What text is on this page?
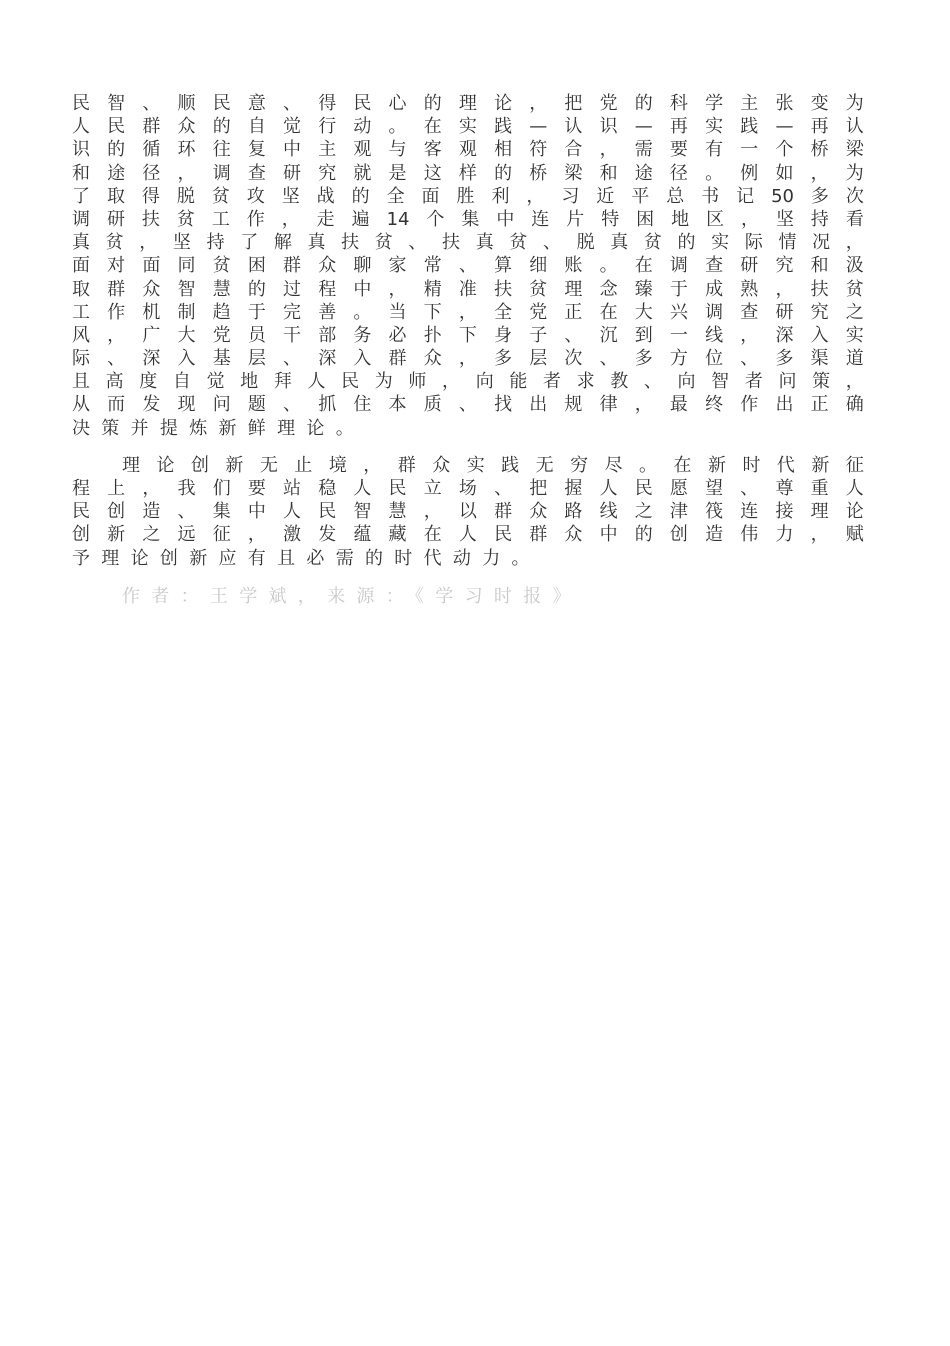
民 智 、 顺 民 意 、 得 民 心 的 理 论 ， 把 党 的 科 学 主 张 变 为
人 民 群 众 的 自 觉 行 动 。 在 实 践 — 认 识 — 再 实 践 — 再 认
识 的 循 环 往 复 中 主 观 与 客 观 相 符 合 ， 需 要 有 一 个 桥 梁
和 途 径 ， 调 查 研 究 就 是 这 样 的 桥 梁 和 途 径 。 例 如 ， 为
了 取 得 脱 贫 攻 坚 战 的 全 面 胜 利 ， 习 近 平 总 书 记 50 多 次
调 研 扶 贫 工 作 ， 走 遍 14 个 集 中 连 片 特 困 地 区 ， 坚 持 看
真 贫 ， 坚 持 了 解 真 扶 贫 、 扶 真 贫 、 脱 真 贫 的 实 际 情 况 ，
面 对 面 同 贫 困 群 众 聊 家 常 、 算 细 账 。 在 调 查 研 究 和 汲
取 群 众 智 慧 的 过 程 中 ， 精 准 扶 贫 理 念 臻 于 成 熟 ， 扶 贫
工 作 机 制 趋 于 完 善 。 当 下 ， 全 党 正 在 大 兴 调 查 研 究 之
风 ， 广 大 党 员 干 部 务 必 扑 下 身 子 、 沉 到 一 线 ， 深 入 实
际 、 深 入 基 层 、 深 入 群 众 ， 多 层 次 、 多 方 位 、 多 渠 道
且 高 度 自 觉 地 拜 人 民 为 师 ， 向 能 者 求 教 、 向 智 者 问 策 ，
从 而 发 现 问 题 、 抓 住 本 质 、 找 出 规 律 ， 最 终 作 出 正 确
决策并提炼新鲜理论。
理 论 创 新 无 止 境 ， 群 众 实 践 无 穷 尽 。 在 新 时 代 新 征
程 上 ， 我 们 要 站 稳 人 民 立 场 、 把 握 人 民 愿 望 、 尊 重 人
民 创 造 、 集 中 人 民 智 慧 ， 以 群 众 路 线 之 津 筏 连 接 理 论
创 新 之 远 征 ， 激 发 蕴 藏 在 人 民 群 众 中 的 创 造 伟 力 ， 赋
予理论创新应有且必需的时代动力。
作者：王学斌，来源：《学习时报》
